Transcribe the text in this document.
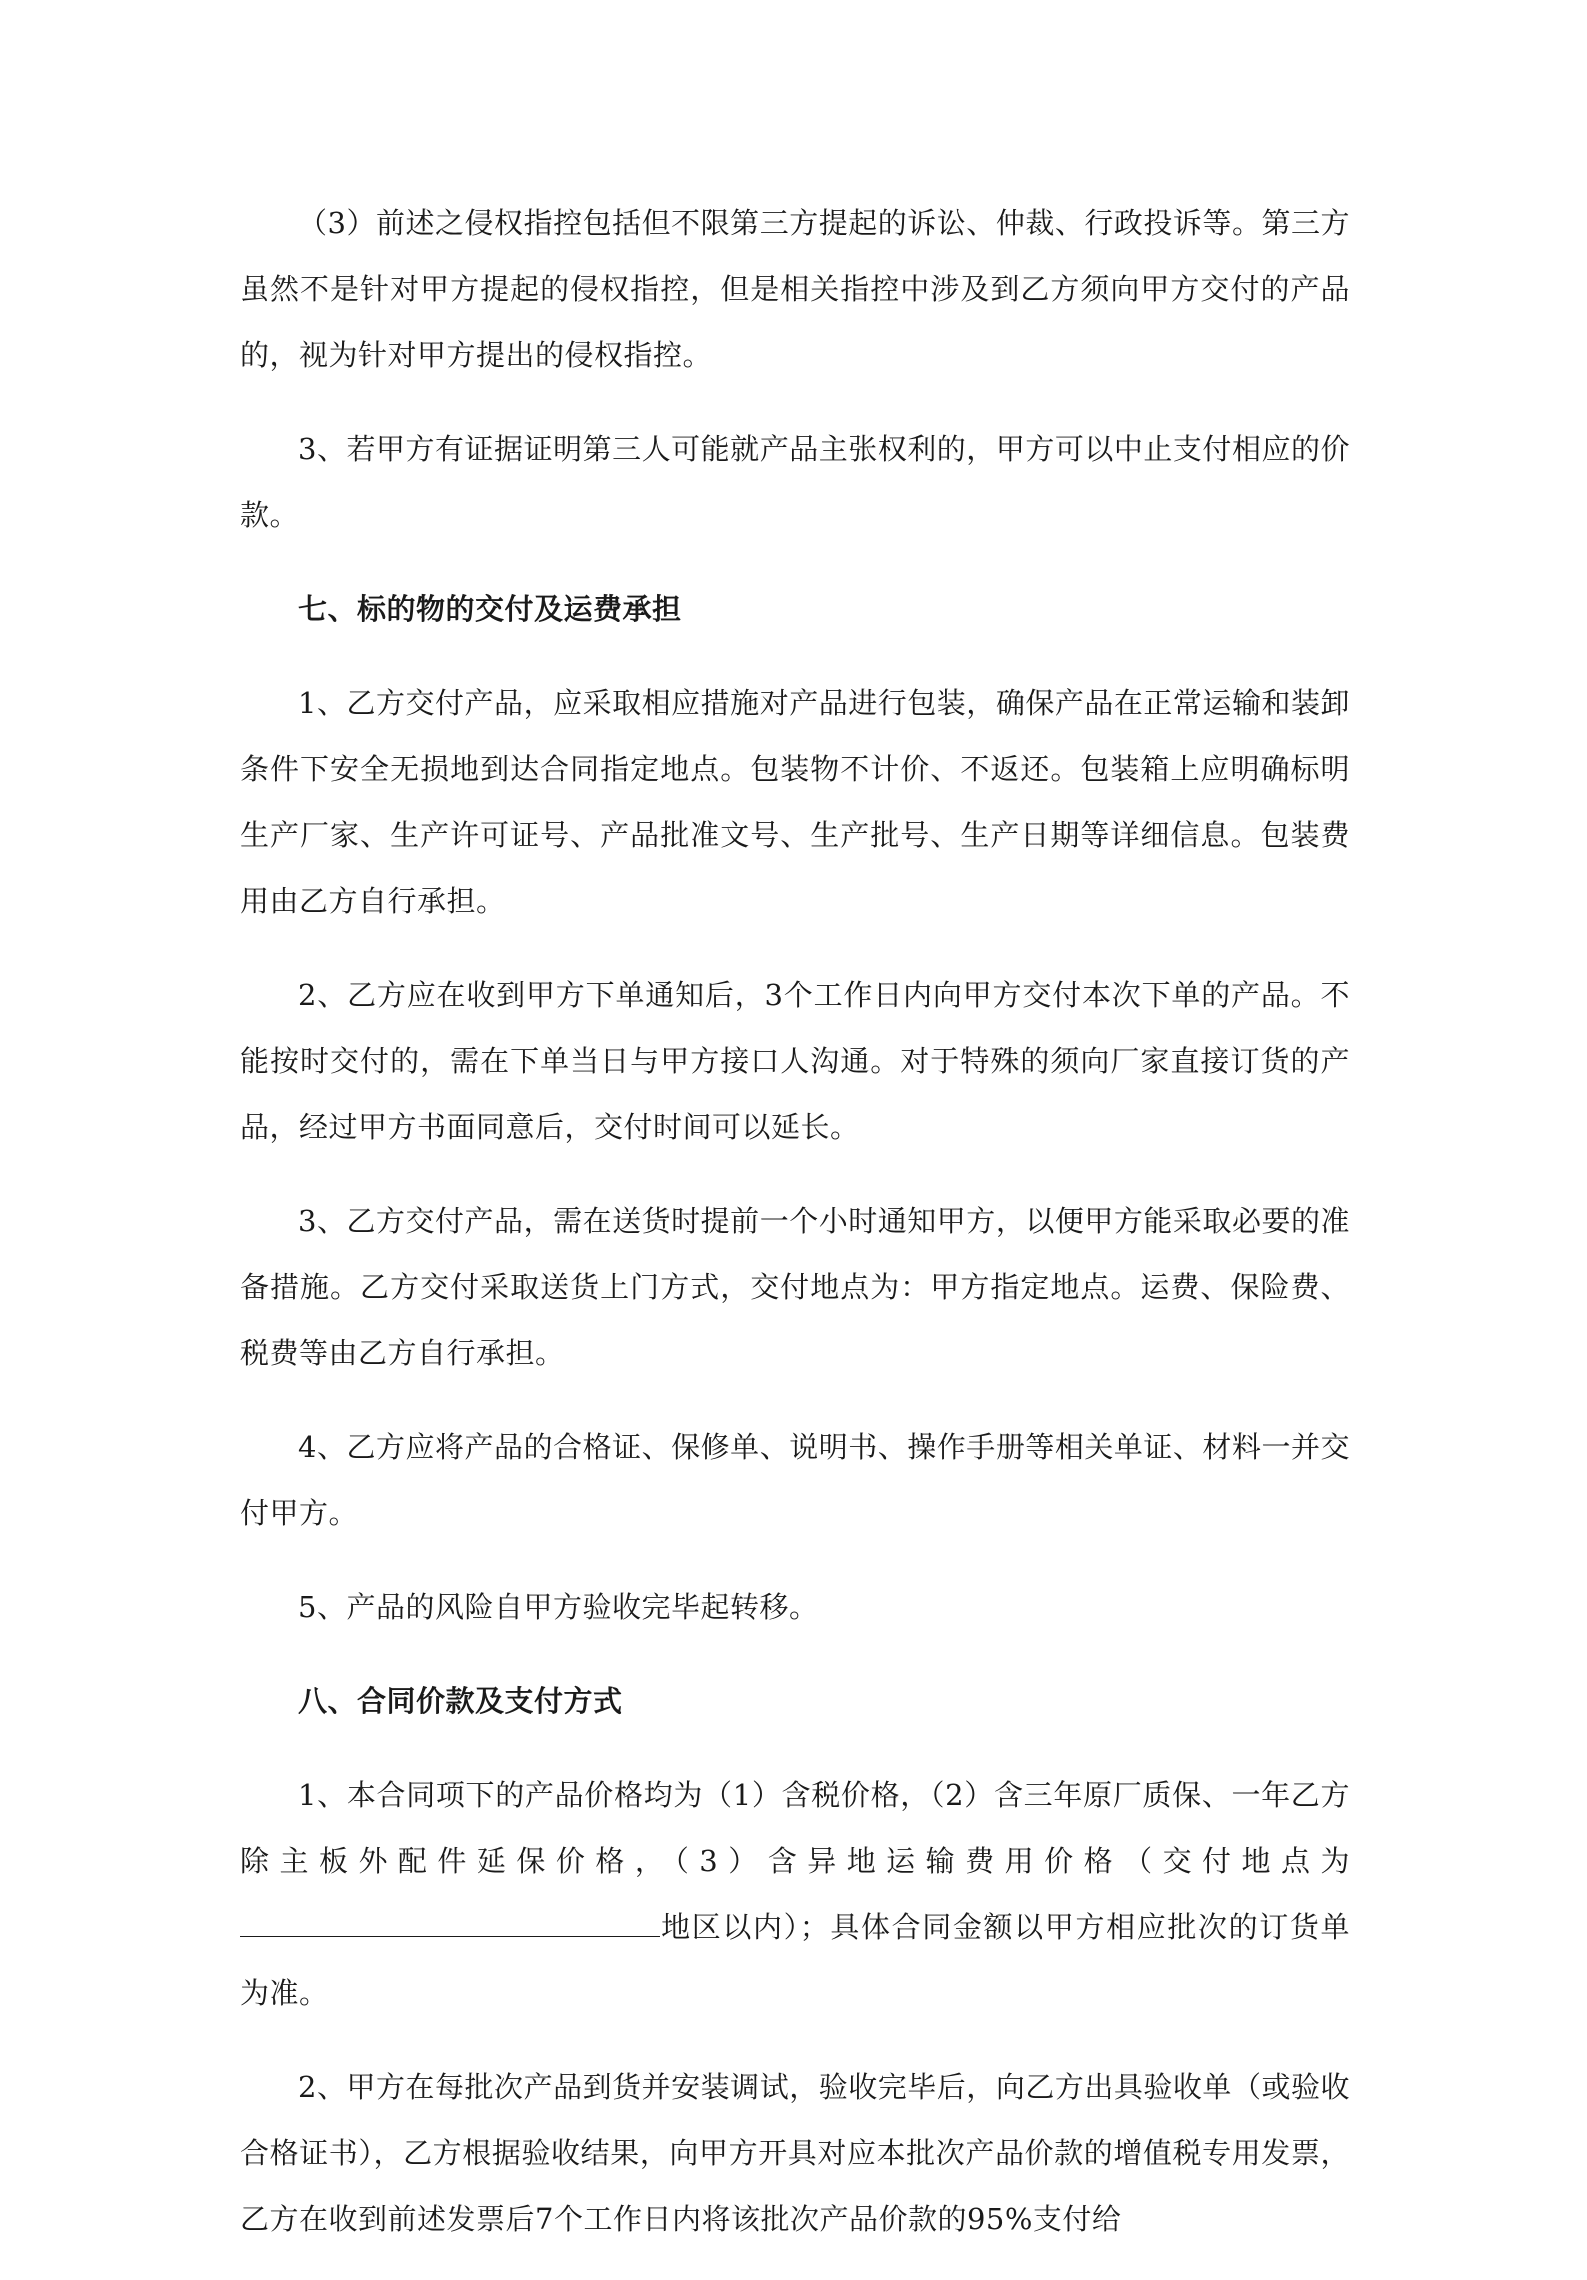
（3）前述之侵权指控包括但不限第三方提起的诉讼、仲裁、行政投诉等。第三方虽然不是针对甲方提起的侵权指控，但是相关指控中涉及到乙方须向甲方交付的产品的，视为针对甲方提出的侵权指控。

3、若甲方有证据证明第三人可能就产品主张权利的，甲方可以中止支付相应的价款。

七、标的物的交付及运费承担

1、乙方交付产品，应采取相应措施对产品进行包装，确保产品在正常运输和装卸条件下安全无损地到达合同指定地点。包装物不计价、不返还。包装箱上应明确标明生产厂家、生产许可证号、产品批准文号、生产批号、生产日期等详细信息。包装费用由乙方自行承担。

2、乙方应在收到甲方下单通知后，3个工作日内向甲方交付本次下单的产品。不能按时交付的，需在下单当日与甲方接口人沟通。对于特殊的须向厂家直接订货的产品，经过甲方书面同意后，交付时间可以延长。

3、乙方交付产品，需在送货时提前一个小时通知甲方，以便甲方能采取必要的准备措施。乙方交付采取送货上门方式，交付地点为：甲方指定地点。运费、保险费、税费等由乙方自行承担。

4、乙方应将产品的合格证、保修单、说明书、操作手册等相关单证、材料一并交付甲方。

5、产品的风险自甲方验收完毕起转移。

八、合同价款及支付方式

1、本合同项下的产品价格均为（1）含税价格，（2）含三年原厂质保、一年乙方除主板外配件延保价格，（3）含异地运输费用价格（交付地点为地区以内）；具体合同金额以甲方相应批次的订货单为准。

2、甲方在每批次产品到货并安装调试，验收完毕后，向乙方出具验收单（或验收合格证书），乙方根据验收结果，向甲方开具对应本批次产品价款的增值税专用发票，乙方在收到前述发票后7个工作日内将该批次产品价款的95%支付给
